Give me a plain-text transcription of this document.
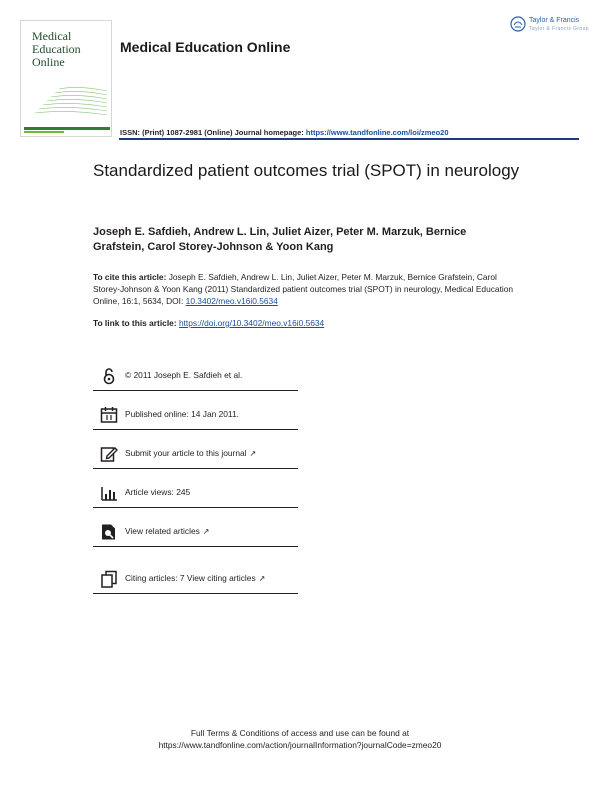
Medical Education Online
Medical Education Online
Taylor & Francis
Taylor & Francis Group
ISSN: (Print) 1087-2981 (Online) Journal homepage: https://www.tandfonline.com/loi/zmeo20
Standardized patient outcomes trial (SPOT) in neurology
Joseph E. Safdieh, Andrew L. Lin, Juliet Aizer, Peter M. Marzuk, Bernice Grafstein, Carol Storey-Johnson & Yoon Kang
To cite this article: Joseph E. Safdieh, Andrew L. Lin, Juliet Aizer, Peter M. Marzuk, Bernice Grafstein, Carol Storey-Johnson & Yoon Kang (2011) Standardized patient outcomes trial (SPOT) in neurology, Medical Education Online, 16:1, 5634, DOI: 10.3402/meo.v16i0.5634
To link to this article: https://doi.org/10.3402/meo.v16i0.5634
© 2011 Joseph E. Safdieh et al.
Published online: 14 Jan 2011.
Submit your article to this journal ↗︎
Article views: 245
View related articles ↗︎
Citing articles: 7 View citing articles ↗︎
Full Terms & Conditions of access and use can be found at
https://www.tandfonline.com/action/journalInformation?journalCode=zmeo20
